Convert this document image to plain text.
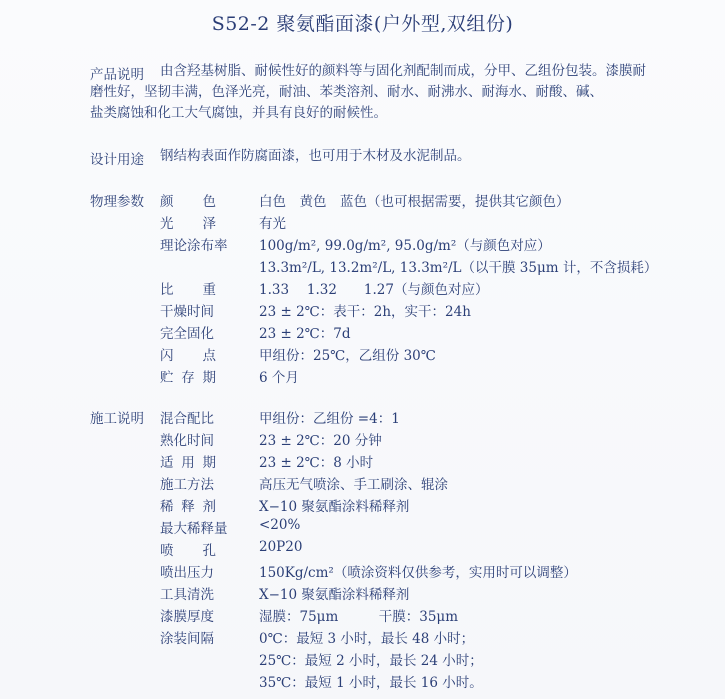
S52-2 聚氨酯面漆(户外型,双组份)
产品说明 由含羟基树脂、耐候性好的颜料等与固化剂配制而成，分甲、乙组份包装。漆膜耐
磨性好，坚韧丰满，色泽光亮，耐油、苯类溶剂、耐水、耐沸水、耐海水、耐酸、碱、
盐类腐蚀和化工大气腐蚀，并具有良好的耐候性。
设计用途 钢结构表面作防腐面漆，也可用于木材及水泥制品。
物理参数 颜色	白色　黄色　蓝色（也可根据需要，提供其它颜色）
光泽	有光
理论涂布率 100g/m², 99.0g/m², 95.0g/m²（与颜色对应）
13.3m²/L, 13.2m²/L, 13.3m²/L（以干膜 35μm 计，不含损耗）
比重	1.33　 1.32　　1.27（与颜色对应）
干燥时间	23 ± 2℃：表干：2h，实干：24h
完全固化	23 ± 2℃：7d
闪点	甲组份：25℃，乙组份 30℃
贮存期	6 个月
施工说明 混合配比	甲组份：乙组份 =4：1
熟化时间	23 ± 2℃：20 分钟
适用期	23 ± 2℃：8 小时
施工方法	高压无气喷涂、手工刷涂、辊涂
稀释剂	X−10 聚氨酯涂料稀释剂
最大稀释量 <20%
喷孔	20P20
喷出压力	150Kg/cm²（喷涂资料仅供参考，实用时可以调整）
工具清洗	X−10 聚氨酯涂料稀释剂
漆膜厚度	湿膜：75μm　　　干膜：35μm
涂装间隔	0℃：最短 3 小时，最长 48 小时；
25℃：最短 2 小时，最长 24 小时；
35℃：最短 1 小时，最长 16 小时。
